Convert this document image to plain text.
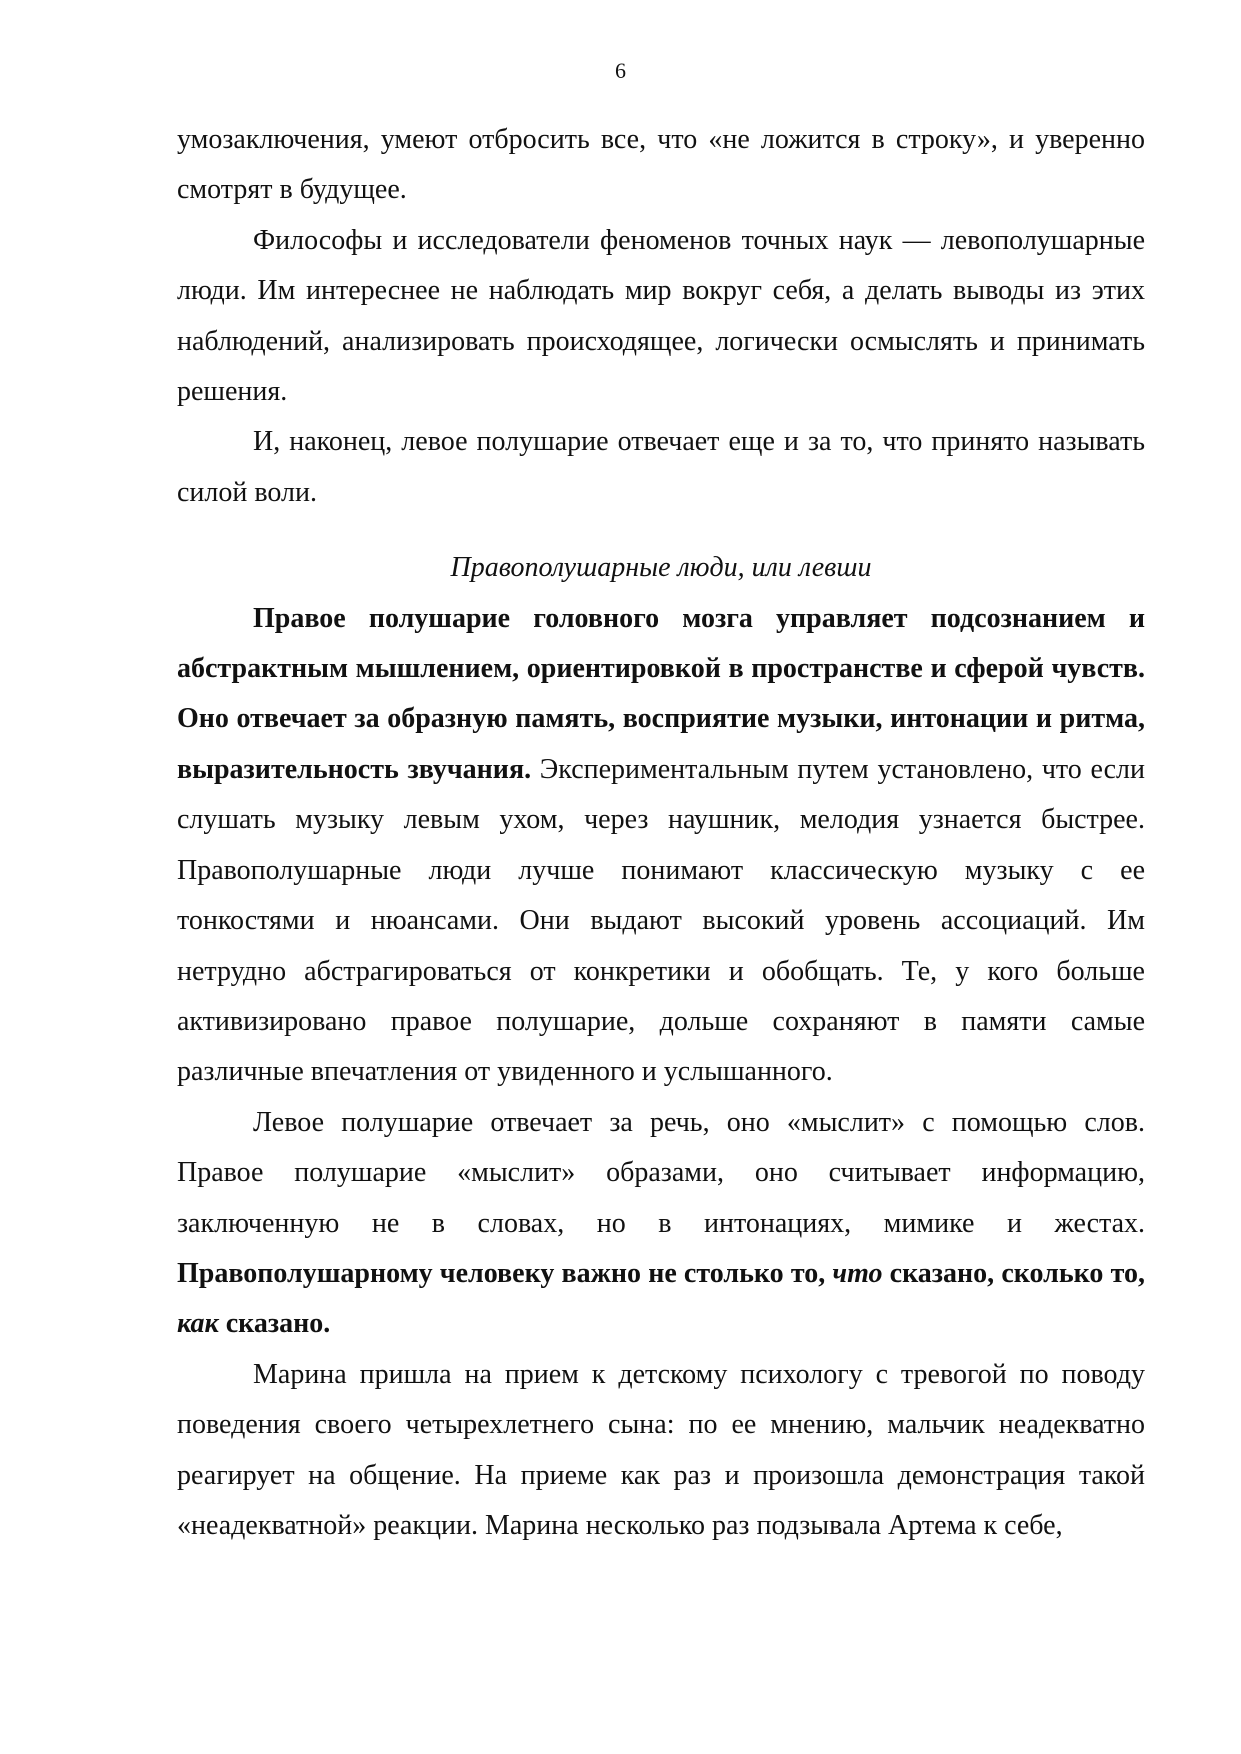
6

умозаключения, умеют отбросить все, что «не ложится в строку», и уверенно смотрят в будущее.

Философы и исследователи феноменов точных наук — левополушарные люди. Им интереснее не наблюдать мир вокруг себя, а делать выводы из этих наблюдений, анализировать происходящее, логически осмыслять и принимать решения.

И, наконец, левое полушарие отвечает еще и за то, что принято называть силой воли.

Правополушарные люди, или левши

Правое полушарие головного мозга управляет подсознанием и абстрактным мышлением, ориентировкой в пространстве и сферой чувств. Оно отвечает за образную память, восприятие музыки, интонации и ритма, выразительность звучания. Экспериментальным путем установлено, что если слушать музыку левым ухом, через наушник, мелодия узнается быстрее. Правополушарные люди лучше понимают классическую музыку с ее тонкостями и нюансами. Они выдают высокий уровень ассоциаций. Им нетрудно абстрагироваться от конкретики и обобщать. Те, у кого больше активизировано правое полушарие, дольше сохраняют в памяти самые различные впечатления от увиденного и услышанного.

Левое полушарие отвечает за речь, оно «мыслит» с помощью слов. Правое полушарие «мыслит» образами, оно считывает информацию, заключенную не в словах, но в интонациях, мимике и жестах. Правополушарному человеку важно не столько то, что сказано, сколько то, как сказано.

Марина пришла на прием к детскому психологу с тревогой по поводу поведения своего четырехлетнего сына: по ее мнению, мальчик неадекватно реагирует на общение. На приеме как раз и произошла демонстрация такой «неадекватной» реакции. Марина несколько раз подзывала Артема к себе,
